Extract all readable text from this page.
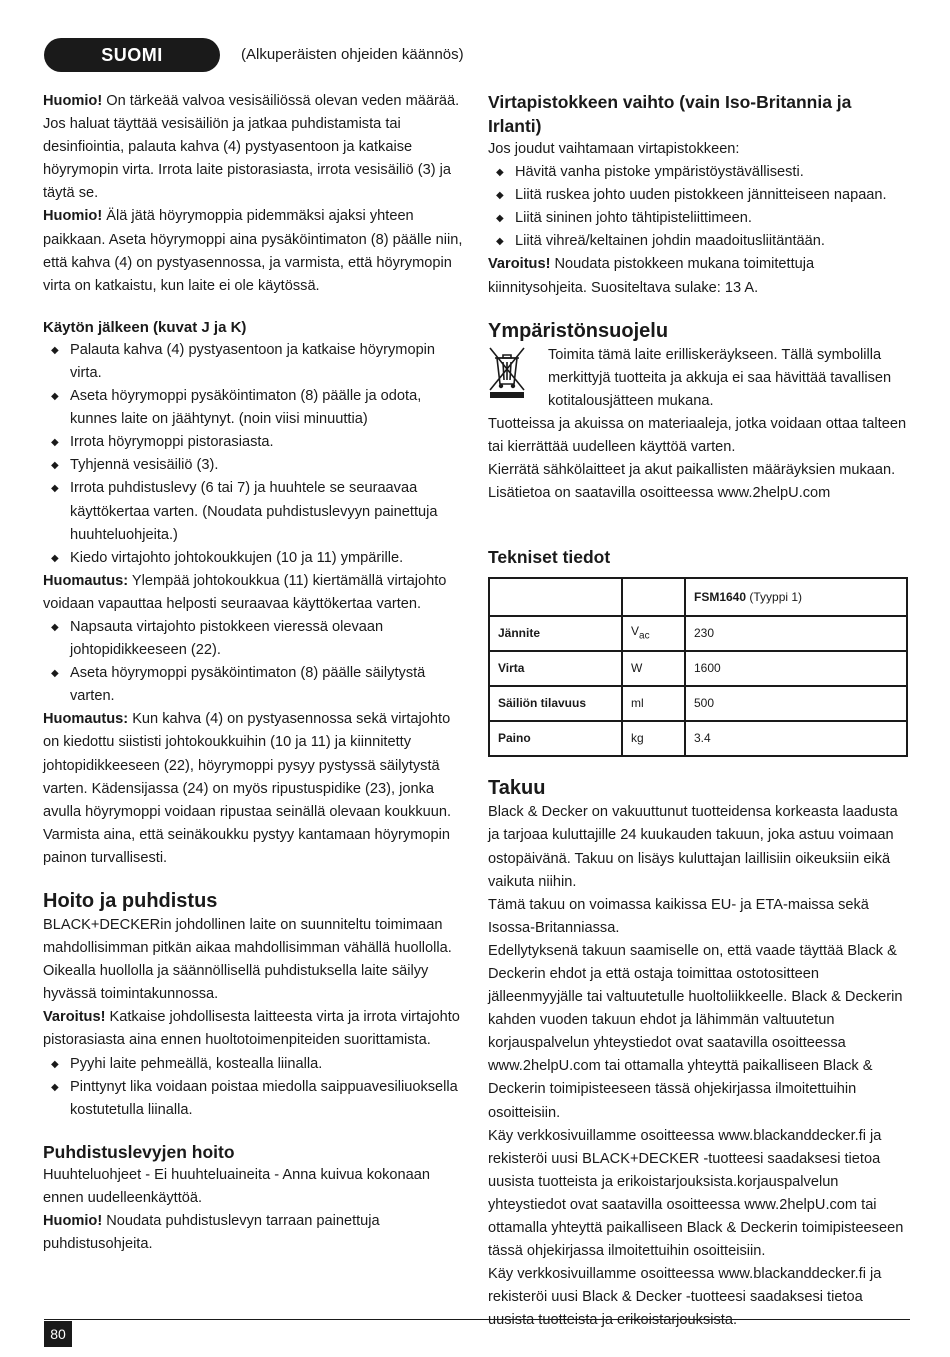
SUOMI	(Alkuperäisten ohjeiden käännös)

Huomio! On tärkeää valvoa vesisäiliössä olevan veden määrää. Jos haluat täyttää vesisäiliön ja jatkaa puhdistamista tai desinfiointia, palauta kahva (4) pystyasentoon ja katkaise höyrymopin virta. Irrota laite pistorasiasta, irrota vesisäiliö (3) ja täytä se.

Huomio! Älä jätä höyrymoppia pidemmäksi ajaksi yhteen paikkaan. Aseta höyrymoppi aina pysäköintimaton (8) päälle niin, että kahva (4) on pystyasennossa, ja varmista, että höyrymopin virta on katkaistu, kun laite ei ole käytössä.

Käytön jälkeen (kuvat J ja K)

◆ Palauta kahva (4) pystyasentoon ja katkaise höyrymopin virta.
◆ Aseta höyrymoppi pysäköintimaton (8) päälle ja odota, kunnes laite on jäähtynyt. (noin viisi minuuttia)
◆ Irrota höyrymoppi pistorasiasta.
◆ Tyhjennä vesisäiliö (3).
◆ Irrota puhdistuslevy (6 tai 7) ja huuhtele se seuraavaa käyttökertaa varten. (Noudata puhdistuslevyyn painettuja huuhteluohjeita.)
◆ Kiedo virtajohto johtokoukkujen (10 ja 11) ympärille.

Huomautus: Ylempää johtokoukkua (11) kiertämällä virtajohto voidaan vapauttaa helposti seuraavaa käyttökertaa varten.

◆ Napsauta virtajohto pistokkeen vieressä olevaan johtopidikkeeseen (22).
◆ Aseta höyrymoppi pysäköintimaton (8) päälle säilytystä varten.

Huomautus: Kun kahva (4) on pystyasennossa sekä virtajohto on kiedottu siististi johtokoukkuihin (10 ja 11) ja kiinnitetty johtopidikkeeseen (22), höyrymoppi pysyy pystyssä säilytystä varten. Kädensijassa (24) on myös ripustuspidike (23), jonka avulla höyrymoppi voidaan ripustaa seinällä olevaan koukkuun. Varmista aina, että seinäkoukku pystyy kantamaan höyrymopin painon turvallisesti.

Hoito ja puhdistus

BLACK+DECKERin johdollinen laite on suunniteltu toimimaan mahdollisimman pitkän aikaa mahdollisimman vähällä huollolla. Oikealla huollolla ja säännöllisellä puhdistuksella laite säilyy hyvässä toimintakunnossa.

Varoitus! Katkaise johdollisesta laitteesta virta ja irrota virtajohto pistorasiasta aina ennen huoltotoimenpiteiden suorittamista.

◆ Pyyhi laite pehmeällä, kostealla liinalla.
◆ Pinttynyt lika voidaan poistaa miedolla saippuavesiliuoksella kostutetulla liinalla.

Puhdistuslevyjen hoito

Huuhteluohjeet - Ei huuhteluaineita - Anna kuivua kokonaan ennen uudelleenkäyttöä.

Huomio! Noudata puhdistuslevyn tarraan painettuja puhdistusohjeita.

Virtapistokkeen vaihto (vain Iso-Britannia ja Irlanti)

Jos joudut vaihtamaan virtapistokkeen:

◆ Hävitä vanha pistoke ympäristöystävällisesti.
◆ Liitä ruskea johto uuden pistokkeen jännitteiseen napaan.
◆ Liitä sininen johto tähtipisteliittimeen.
◆ Liitä vihreä/keltainen johdin maadoitusliitäntään.

Varoitus! Noudata pistokkeen mukana toimitettuja kiinnitysohjeita. Suositeltava sulake: 13 A.

Ympäristönsuojelu

Toimita tämä laite erilliskeräykseen. Tällä symbolilla merkittyjä tuotteita ja akkuja ei saa hävittää tavallisen kotitalousjätteen mukana.

Tuotteissa ja akuissa on materiaaleja, jotka voidaan ottaa talteen tai kierrättää uudelleen käyttöä varten.

Kierrätä sähkölaitteet ja akut paikallisten määräyksien mukaan. Lisätietoa on saatavilla osoitteessa www.2helpU.com

Tekniset tiedot

		FSM1640 (Tyyppi 1)
Jännite	$V_{ac}$	230
Virta	W	1600
Säiliön tilavuus	ml	500
Paino	kg	3.4

Takuu

Black & Decker on vakuuttunut tuotteidensa korkeasta laadusta ja tarjoaa kuluttajille 24 kuukauden takuun, joka astuu voimaan ostopäivänä. Takuu on lisäys kuluttajan laillisiin oikeuksiin eikä vaikuta niihin.

Tämä takuu on voimassa kaikissa EU- ja ETA-maissa sekä Isossa-Britanniassa.

Edellytyksenä takuun saamiselle on, että vaade täyttää Black & Deckerin ehdot ja että ostaja toimittaa ostotositteen jälleenmyyjälle tai valtuutetulle huoltoliikkeelle. Black & Deckerin kahden vuoden takuun ehdot ja lähimmän valtuutetun korjauspalvelun yhteystiedot ovat saatavilla osoitteessa www.2helpU.com tai ottamalla yhteyttä paikalliseen Black & Deckerin toimipisteeseen tässä ohjekirjassa ilmoitettuihin osoitteisiin.

Käy verkkosivuillamme osoitteessa www.blackanddecker.fi ja rekisteröi uusi BLACK+DECKER -tuotteesi saadaksesi tietoa uusista tuotteista ja erikoistarjouksista.korjauspalvelun yhteystiedot ovat saatavilla osoitteessa www.2helpU.com tai ottamalla yhteyttä paikalliseen Black & Deckerin toimipisteeseen tässä ohjekirjassa ilmoitettuihin osoitteisiin.

Käy verkkosivuillamme osoitteessa www.blackanddecker.fi ja rekisteröi uusi Black & Decker -tuotteesi saadaksesi tietoa uusista tuotteista ja erikoistarjouksista.

80
